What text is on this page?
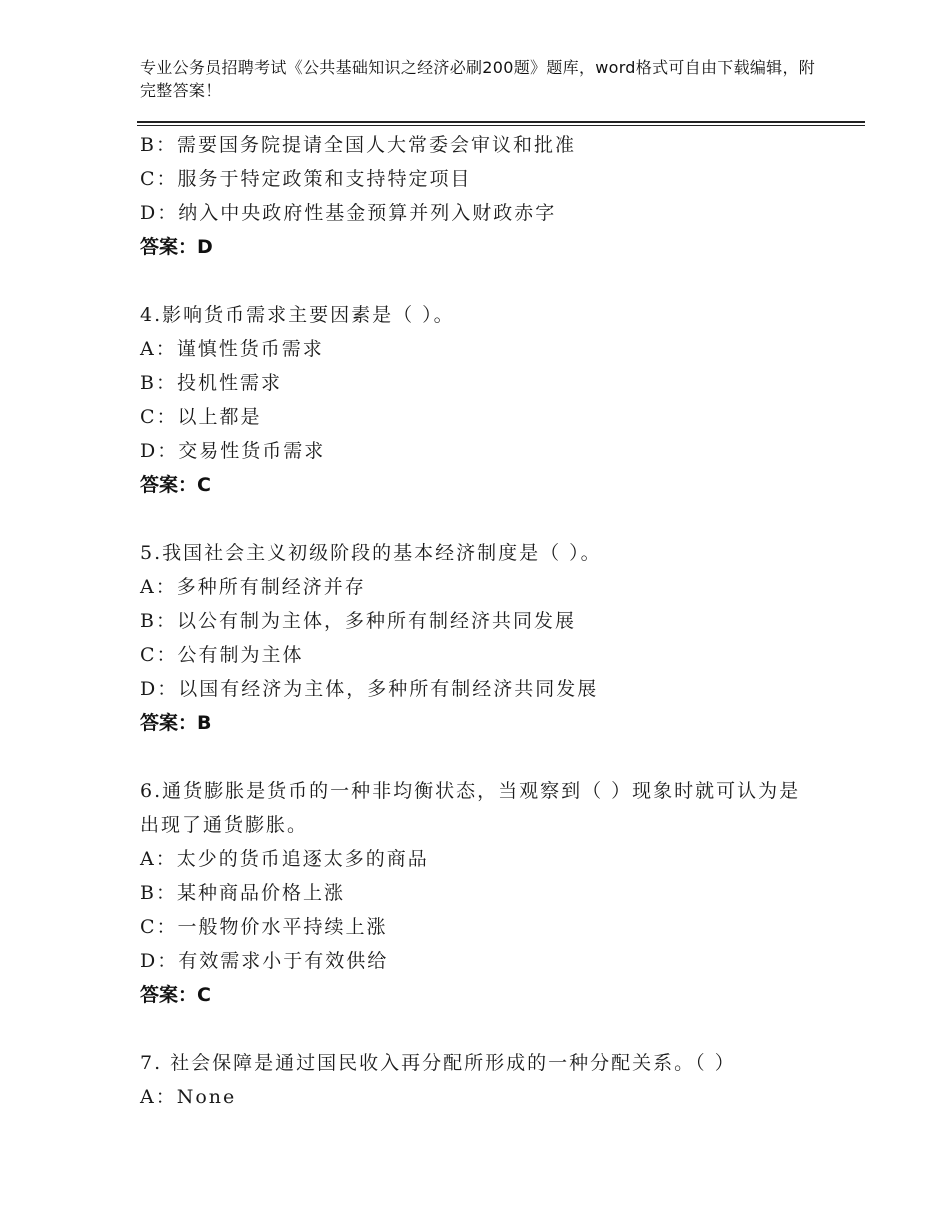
专业公务员招聘考试《公共基础知识之经济必刷200题》题库，word格式可自由下载编辑，附完整答案！
B：需要国务院提请全国人大常委会审议和批准
C：服务于特定政策和支持特定项目
D：纳入中央政府性基金预算并列入财政赤字
答案：D
4.影响货币需求主要因素是（ ）。
A：谨慎性货币需求
B：投机性需求
C：以上都是
D：交易性货币需求
答案：C
5.我国社会主义初级阶段的基本经济制度是（ ）。
A：多种所有制经济并存
B：以公有制为主体，多种所有制经济共同发展
C：公有制为主体
D：以国有经济为主体，多种所有制经济共同发展
答案：B
6.通货膨胀是货币的一种非均衡状态，当观察到（ ）现象时就可认为是出现了通货膨胀。
A：太少的货币追逐太多的商品
B：某种商品价格上涨
C：一般物价水平持续上涨
D：有效需求小于有效供给
答案：C
7. 社会保障是通过国民收入再分配所形成的一种分配关系。（ ）
A：None
